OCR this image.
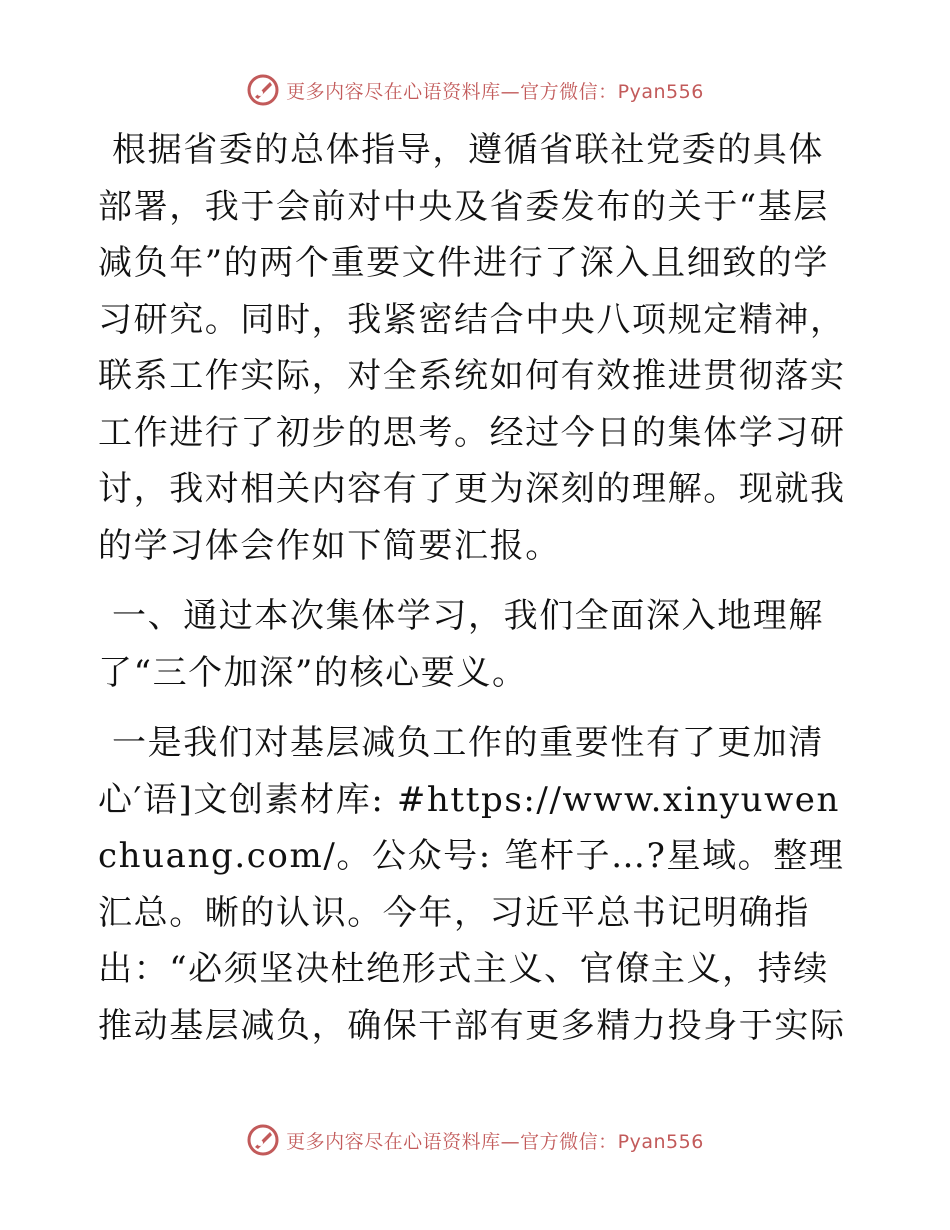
更多内容尽在心语资料库—官方微信：Pyan556

根据省委的总体指导，遵循省联社党委的具体部署，我于会前对中央及省委发布的关于“基层减负年”的两个重要文件进行了深入且细致的学习研究。同时，我紧密结合中央八项规定精神，联系工作实际，对全系统如何有效推进贯彻落实工作进行了初步的思考。经过今日的集体学习研讨，我对相关内容有了更为深刻的理解。现就我的学习体会作如下简要汇报。

一、通过本次集体学习，我们全面深入地理解了“三个加深”的核心要义。

一是我们对基层减负工作的重要性有了更加清心′语]文创素材库: #https://www.xinyuwenchuang.com/。公众号: 笔杆子…?星域。整理汇总。晰的认识。今年，习近平总书记明确指出：“必须坚决杜绝形式主义、官僚主义，持续推动基层减负，确保干部有更多精力投身于实际

更多内容尽在心语资料库—官方微信：Pyan556
